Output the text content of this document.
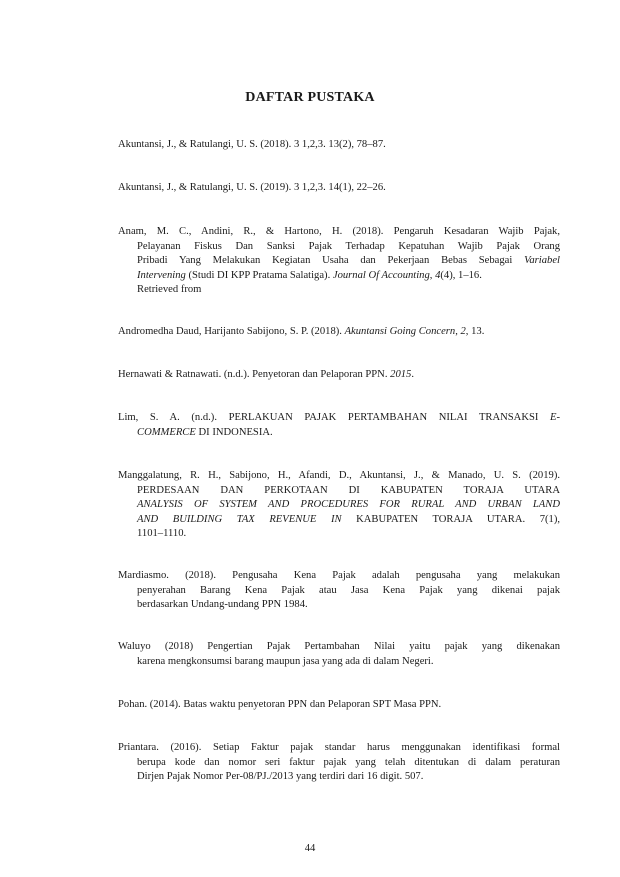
DAFTAR PUSTAKA
Akuntansi, J., & Ratulangi, U. S. (2018). 3 1,2,3. 13(2), 78–87.
Akuntansi, J., & Ratulangi, U. S. (2019). 3 1,2,3. 14(1), 22–26.
Anam, M. C., Andini, R., & Hartono, H. (2018). Pengaruh Kesadaran Wajib Pajak,
Pelayanan Fiskus Dan Sanksi Pajak Terhadap Kepatuhan Wajib Pajak Orang
Pribadi Yang Melakukan Kegiatan Usaha dan Pekerjaan Bebas Sebagai Variabel
Intervening (Studi DI KPP Pratama Salatiga). Journal Of Accounting, 4(4), 1–16.
Retrieved from
Andromedha Daud, Harijanto Sabijono, S. P. (2018). Akuntansi Going Concern, 2, 13.
Hernawati & Ratnawati. (n.d.). Penyetoran dan Pelaporan PPN. 2015.
Lim, S. A. (n.d.). PERLAKUAN PAJAK PERTAMBAHAN NILAI TRANSAKSI E-
COMMERCE DI INDONESIA.
Manggalatung, R. H., Sabijono, H., Afandi, D., Akuntansi, J., & Manado, U. S. (2019).
PERDESAAN DAN PERKOTAAN DI KABUPATEN TORAJA UTARA
ANALYSIS OF SYSTEM AND PROCEDURES FOR RURAL AND URBAN LAND
AND BUILDING TAX REVENUE IN KABUPATEN TORAJA UTARA. 7(1),
1101–1110.
Mardiasmo. (2018). Pengusaha Kena Pajak adalah pengusaha yang melakukan
penyerahan Barang Kena Pajak atau Jasa Kena Pajak yang dikenai pajak
berdasarkan Undang-undang PPN 1984.
Waluyo (2018) Pengertian Pajak Pertambahan Nilai yaitu pajak yang dikenakan
karena mengkonsumsi barang maupun jasa yang ada di dalam Negeri.
Pohan. (2014). Batas waktu penyetoran PPN dan Pelaporan SPT Masa PPN.
Priantara. (2016). Setiap Faktur pajak standar harus menggunakan identifikasi formal
berupa kode dan nomor seri faktur pajak yang telah ditentukan di dalam peraturan
Dirjen Pajak Nomor Per-08/PJ./2013 yang terdiri dari 16 digit. 507.
44
